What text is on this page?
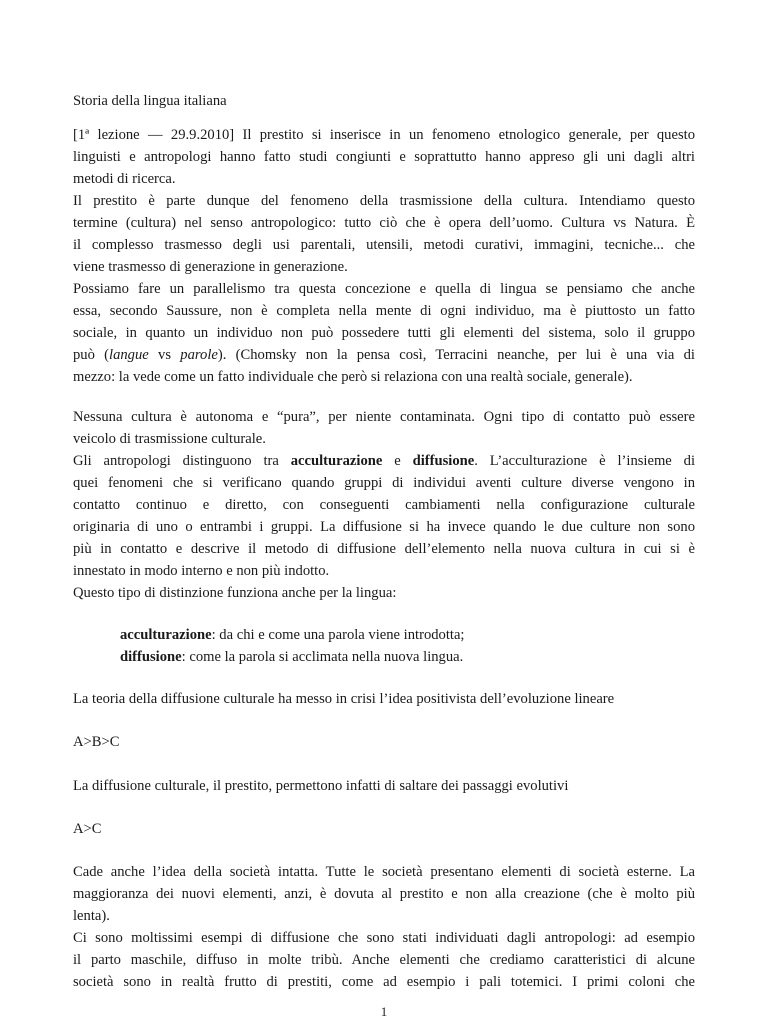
Storia della lingua italiana
[1ª lezione — 29.9.2010] Il prestito si inserisce in un fenomeno etnologico generale, per questo
linguisti e antropologi hanno fatto studi congiunti e soprattutto hanno appreso gli uni dagli altri
metodi di ricerca.
Il prestito è parte dunque del fenomeno della trasmissione della cultura. Intendiamo questo
termine (cultura) nel senso antropologico: tutto ciò che è opera dell’uomo. Cultura vs Natura. È
il complesso trasmesso degli usi parentali, utensili, metodi curativi, immagini, tecniche... che
viene trasmesso di generazione in generazione.
Possiamo fare un parallelismo tra questa concezione e quella di lingua se pensiamo che anche
essa, secondo Saussure, non è completa nella mente di ogni individuo, ma è piuttosto un fatto
sociale, in quanto un individuo non può possedere tutti gli elementi del sistema, solo il gruppo
può (langue vs parole). (Chomsky non la pensa così, Terracini neanche, per lui è una via di
mezzo: la vede come un fatto individuale che però si relaziona con una realtà sociale, generale).
Nessuna cultura è autonoma e “pura”, per niente contaminata. Ogni tipo di contatto può essere
veicolo di trasmissione culturale.
Gli antropologi distinguono tra acculturazione e diffusione. L’acculturazione è l’insieme di
quei fenomeni che si verificano quando gruppi di individui aventi culture diverse vengono in
contatto continuo e diretto, con conseguenti cambiamenti nella configurazione culturale
originaria di uno o entrambi i gruppi. La diffusione si ha invece quando le due culture non sono
più in contatto e descrive il metodo di diffusione dell’elemento nella nuova cultura in cui si è
innestato in modo interno e non più indotto.
Questo tipo di distinzione funziona anche per la lingua:
acculturazione: da chi e come una parola viene introdotta;
diffusione: come la parola si acclimata nella nuova lingua.
La teoria della diffusione culturale ha messo in crisi l’idea positivista dell’evoluzione lineare
A>B>C
La diffusione culturale, il prestito, permettono infatti di saltare dei passaggi evolutivi
A>C
Cade anche l’idea della società intatta. Tutte le società presentano elementi di società esterne. La
maggioranza dei nuovi elementi, anzi, è dovuta al prestito e non alla creazione (che è molto più
lenta).
Ci sono moltissimi esempi di diffusione che sono stati individuati dagli antropologi: ad esempio
il parto maschile, diffuso in molte tribù. Anche elementi che crediamo caratteristici di alcune
società sono in realtà frutto di prestiti, come ad esempio i pali totemici. I primi coloni che
1
